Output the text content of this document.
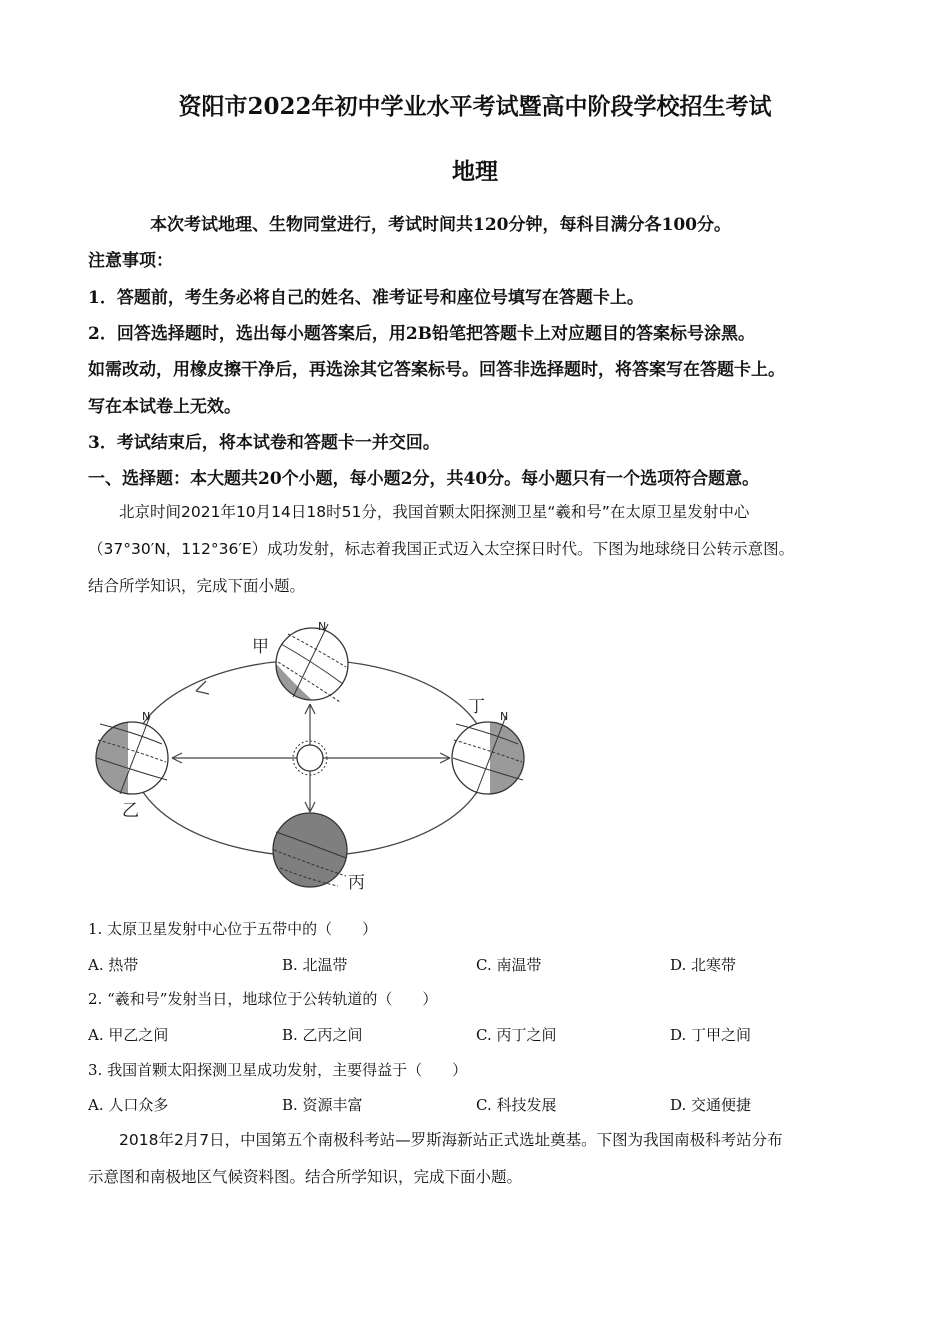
资阳市2022年初中学业水平考试暨高中阶段学校招生考试
地理
本次考试地理、生物同堂进行，考试时间共120分钟，每科目满分各100分。
注意事项：
1．答题前，考生务必将自己的姓名、准考证号和座位号填写在答题卡上。
2．回答选择题时，选出每小题答案后，用2B铅笔把答题卡上对应题目的答案标号涂黑。
如需改动，用橡皮擦干净后，再选涂其它答案标号。回答非选择题时，将答案写在答题卡上。
写在本试卷上无效。
3．考试结束后，将本试卷和答题卡一并交回。
一、选择题：本大题共20个小题，每小题2分，共40分。每小题只有一个选项符合题意。
北京时间2021年10月14日18时51分，我国首颗太阳探测卫星“羲和号”在太原卫星发射中心
（37°30′N，112°36′E）成功发射，标志着我国正式迈入太空探日时代。下图为地球绕日公转示意图。
结合所学知识，完成下面小题。
N
N	N
甲
乙
丙
丁
1. 太原卫星发射中心位于五带中的（　　）
A. 热带	B. 北温带	C. 南温带	D. 北寒带
2. “羲和号”发射当日，地球位于公转轨道的（　　）
A. 甲乙之间	B. 乙丙之间	C. 丙丁之间	D. 丁甲之间
3. 我国首颗太阳探测卫星成功发射，主要得益于（　　）
A. 人口众多	B. 资源丰富	C. 科技发展	D. 交通便捷
2018年2月7日，中国第五个南极科考站—罗斯海新站正式选址奠基。下图为我国南极科考站分布
示意图和南极地区气候资料图。结合所学知识，完成下面小题。
